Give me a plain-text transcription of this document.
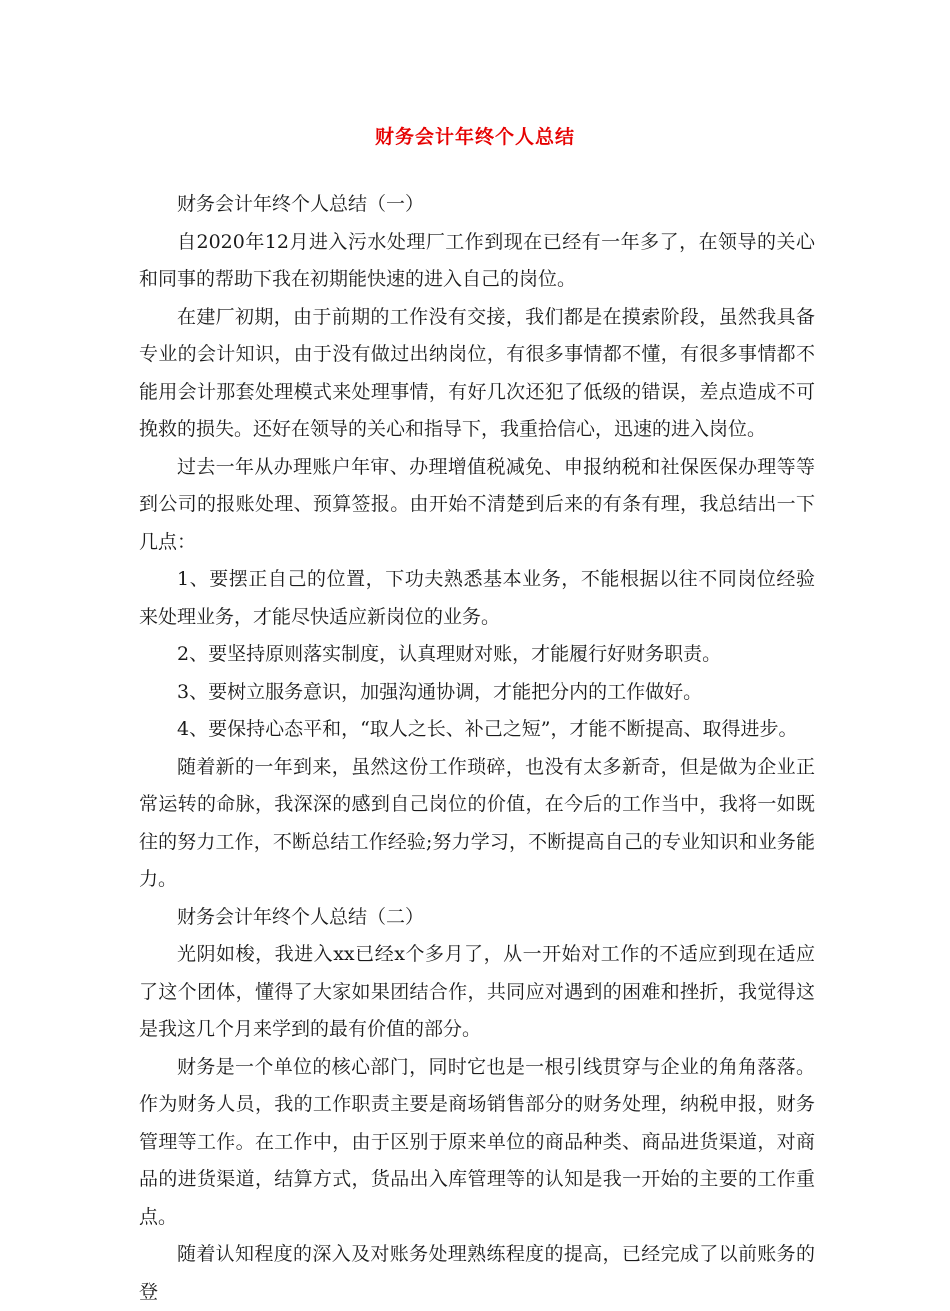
财务会计年终个人总结

财务会计年终个人总结（一）

自2020年12月进入污水处理厂工作到现在已经有一年多了，在领导的关心和同事的帮助下我在初期能快速的进入自己的岗位。

在建厂初期，由于前期的工作没有交接，我们都是在摸索阶段，虽然我具备专业的会计知识，由于没有做过出纳岗位，有很多事情都不懂，有很多事情都不能用会计那套处理模式来处理事情，有好几次还犯了低级的错误，差点造成不可挽救的损失。还好在领导的关心和指导下，我重拾信心，迅速的进入岗位。

过去一年从办理账户年审、办理增值税减免、申报纳税和社保医保办理等等到公司的报账处理、预算签报。由开始不清楚到后来的有条有理，我总结出一下几点：

1、要摆正自己的位置，下功夫熟悉基本业务，不能根据以往不同岗位经验来处理业务，才能尽快适应新岗位的业务。

2、要坚持原则落实制度，认真理财对账，才能履行好财务职责。

3、要树立服务意识，加强沟通协调，才能把分内的工作做好。

4、要保持心态平和，“取人之长、补己之短”，才能不断提高、取得进步。

随着新的一年到来，虽然这份工作琐碎，也没有太多新奇，但是做为企业正常运转的命脉，我深深的感到自己岗位的价值，在今后的工作当中，我将一如既往的努力工作，不断总结工作经验;努力学习，不断提高自己的专业知识和业务能力。

财务会计年终个人总结（二）

光阴如梭，我进入xx已经x个多月了，从一开始对工作的不适应到现在适应了这个团体，懂得了大家如果团结合作，共同应对遇到的困难和挫折，我觉得这是我这几个月来学到的最有价值的部分。

财务是一个单位的核心部门，同时它也是一根引线贯穿与企业的角角落落。作为财务人员，我的工作职责主要是商场销售部分的财务处理，纳税申报，财务管理等工作。在工作中，由于区别于原来单位的商品种类、商品进货渠道，对商品的进货渠道，结算方式，货品出入库管理等的认知是我一开始的主要的工作重点。

随着认知程度的深入及对账务处理熟练程度的提高，已经完成了以前账务的登
